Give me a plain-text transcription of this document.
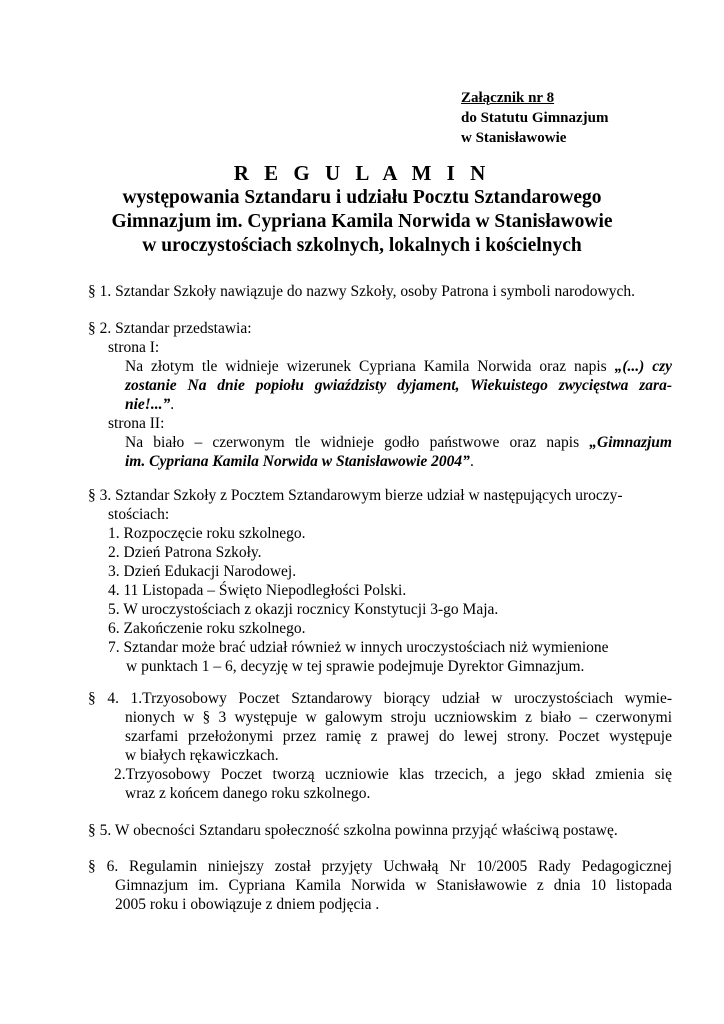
Załącznik nr 8
do Statutu Gimnazjum
w Stanisławowie
R E G U L A M I N
występowania Sztandaru i udziału Pocztu Sztandarowego
Gimnazjum im. Cypriana Kamila Norwida w Stanisławowie
w uroczystościach szkolnych, lokalnych i kościelnych
§ 1. Sztandar Szkoły nawiązuje do nazwy Szkoły, osoby Patrona i symboli narodowych.
§ 2. Sztandar przedstawia:
strona I:
Na złotym tle widnieje wizerunek Cypriana Kamila Norwida oraz napis „(...) czy
zostanie Na dnie popiołu gwiaździsty dyjament, Wiekuistego zwycięstwa zara-
nie!...”.
strona II:
Na biało – czerwonym tle widnieje godło państwowe oraz napis „Gimnazjum
im. Cypriana Kamila Norwida w Stanisławowie 2004”.
§ 3. Sztandar Szkoły z Pocztem Sztandarowym bierze udział w następujących uroczy-
stościach:
1. Rozpoczęcie roku szkolnego.
2. Dzień Patrona Szkoły.
3. Dzień Edukacji Narodowej.
4. 11 Listopada – Święto Niepodległości Polski.
5. W uroczystościach z okazji rocznicy Konstytucji 3-go Maja.
6. Zakończenie roku szkolnego.
7. Sztandar może brać udział również w innych uroczystościach niż wymienione
w punktach 1 – 6, decyzję w tej sprawie podejmuje Dyrektor Gimnazjum.
§ 4. 1.Trzyosobowy Poczet Sztandarowy biorący udział w uroczystościach wymie-
nionych w § 3 występuje w galowym stroju uczniowskim z biało – czerwonymi
szarfami przełożonymi przez ramię z prawej do lewej strony. Poczet występuje
w białych rękawiczkach.
2.Trzyosobowy Poczet tworzą uczniowie klas trzecich, a jego skład zmienia się
wraz z końcem danego roku szkolnego.
§ 5. W obecności Sztandaru społeczność szkolna powinna przyjąć właściwą postawę.
§ 6. Regulamin niniejszy został przyjęty Uchwałą Nr 10/2005 Rady Pedagogicznej
Gimnazjum im. Cypriana Kamila Norwida w Stanisławowie z dnia 10 listopada
2005 roku i obowiązuje z dniem podjęcia .
